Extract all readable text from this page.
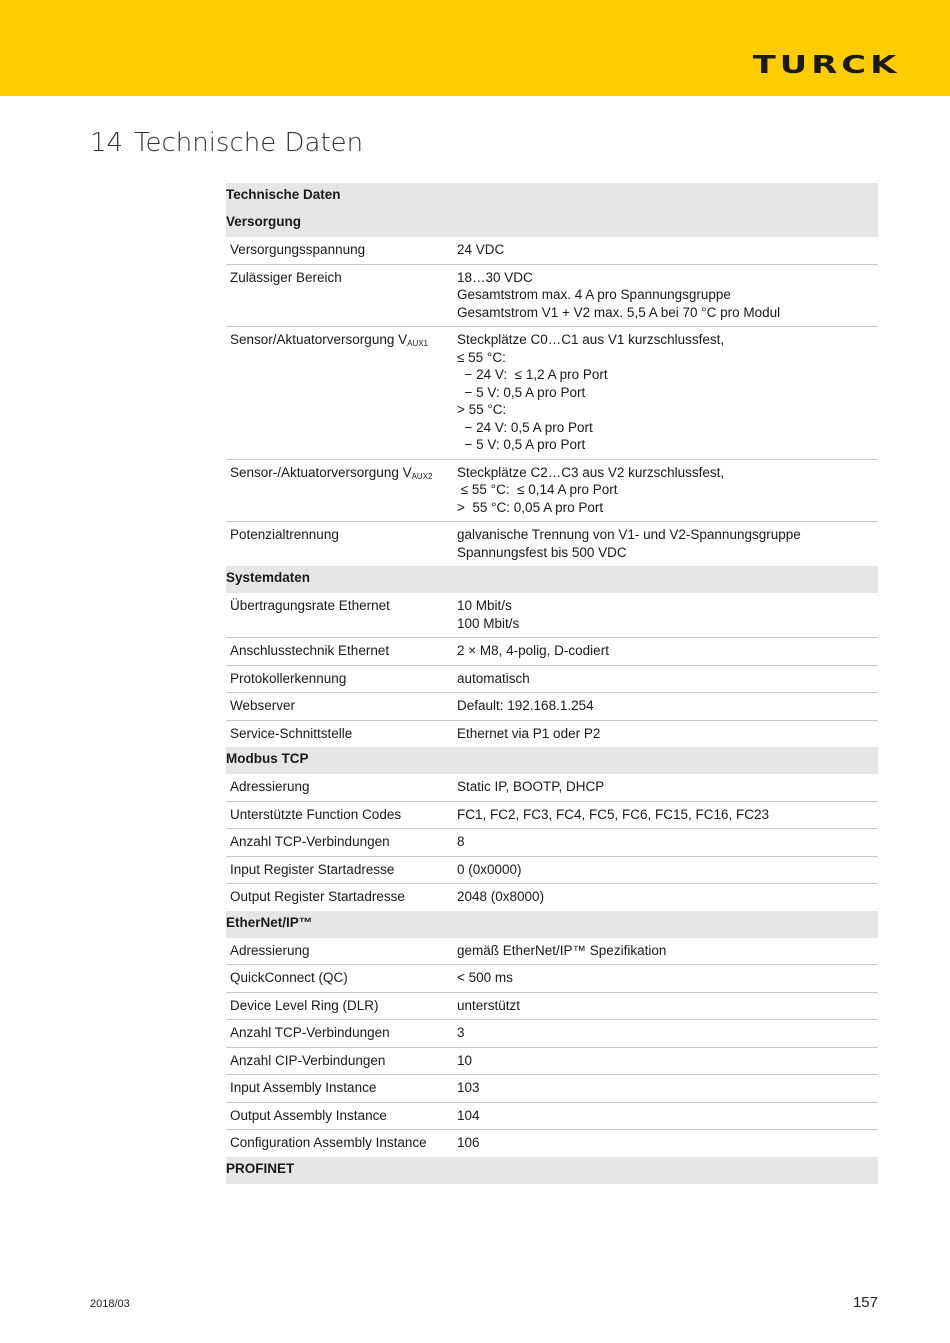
TURCK
14 Technische Daten
Technische Daten
Versorgung
Versorgungsspannung	24 VDC
Zulässiger Bereich	18…30 VDC
Gesamtstrom max. 4 A pro Spannungsgruppe
Gesamtstrom V1 + V2 max. 5,5 A bei 70 °C pro Modul
Sensor/Aktuatorversorgung $V_{AUX1}$	Steckplätze C0…C1 aus V1 kurzschlussfest,
≤ 55 °C:
− 24 V:  ≤ 1,2 A pro Port
− 5 V: 0,5 A pro Port
> 55 °C:
− 24 V: 0,5 A pro Port
− 5 V: 0,5 A pro Port
Sensor-/Aktuatorversorgung $V_{AUX2}$	Steckplätze C2…C3 aus V2 kurzschlussfest,
≤ 55 °C:  ≤ 0,14 A pro Port
>  55 °C: 0,05 A pro Port
Potenzialtrennung	galvanische Trennung von V1- und V2-Spannungsgruppe
Spannungsfest bis 500 VDC
Systemdaten
Übertragungsrate Ethernet	10 Mbit/s
100 Mbit/s
Anschlusstechnik Ethernet	2 × M8, 4-polig, D-codiert
Protokollerkennung	automatisch
Webserver	Default: 192.168.1.254
Service-Schnittstelle	Ethernet via P1 oder P2
Modbus TCP
Adressierung	Static IP, BOOTP, DHCP
Unterstützte Function Codes	FC1, FC2, FC3, FC4, FC5, FC6, FC15, FC16, FC23
Anzahl TCP-Verbindungen	8
Input Register Startadresse	0 (0x0000)
Output Register Startadresse	2048 (0x8000)
EtherNet/IP™
Adressierung	gemäß EtherNet/IP™ Spezifikation
QuickConnect (QC)	< 500 ms
Device Level Ring (DLR)	unterstützt
Anzahl TCP-Verbindungen	3
Anzahl CIP-Verbindungen	10
Input Assembly Instance	103
Output Assembly Instance	104
Configuration Assembly Instance	106
PROFINET
2018/03	157
